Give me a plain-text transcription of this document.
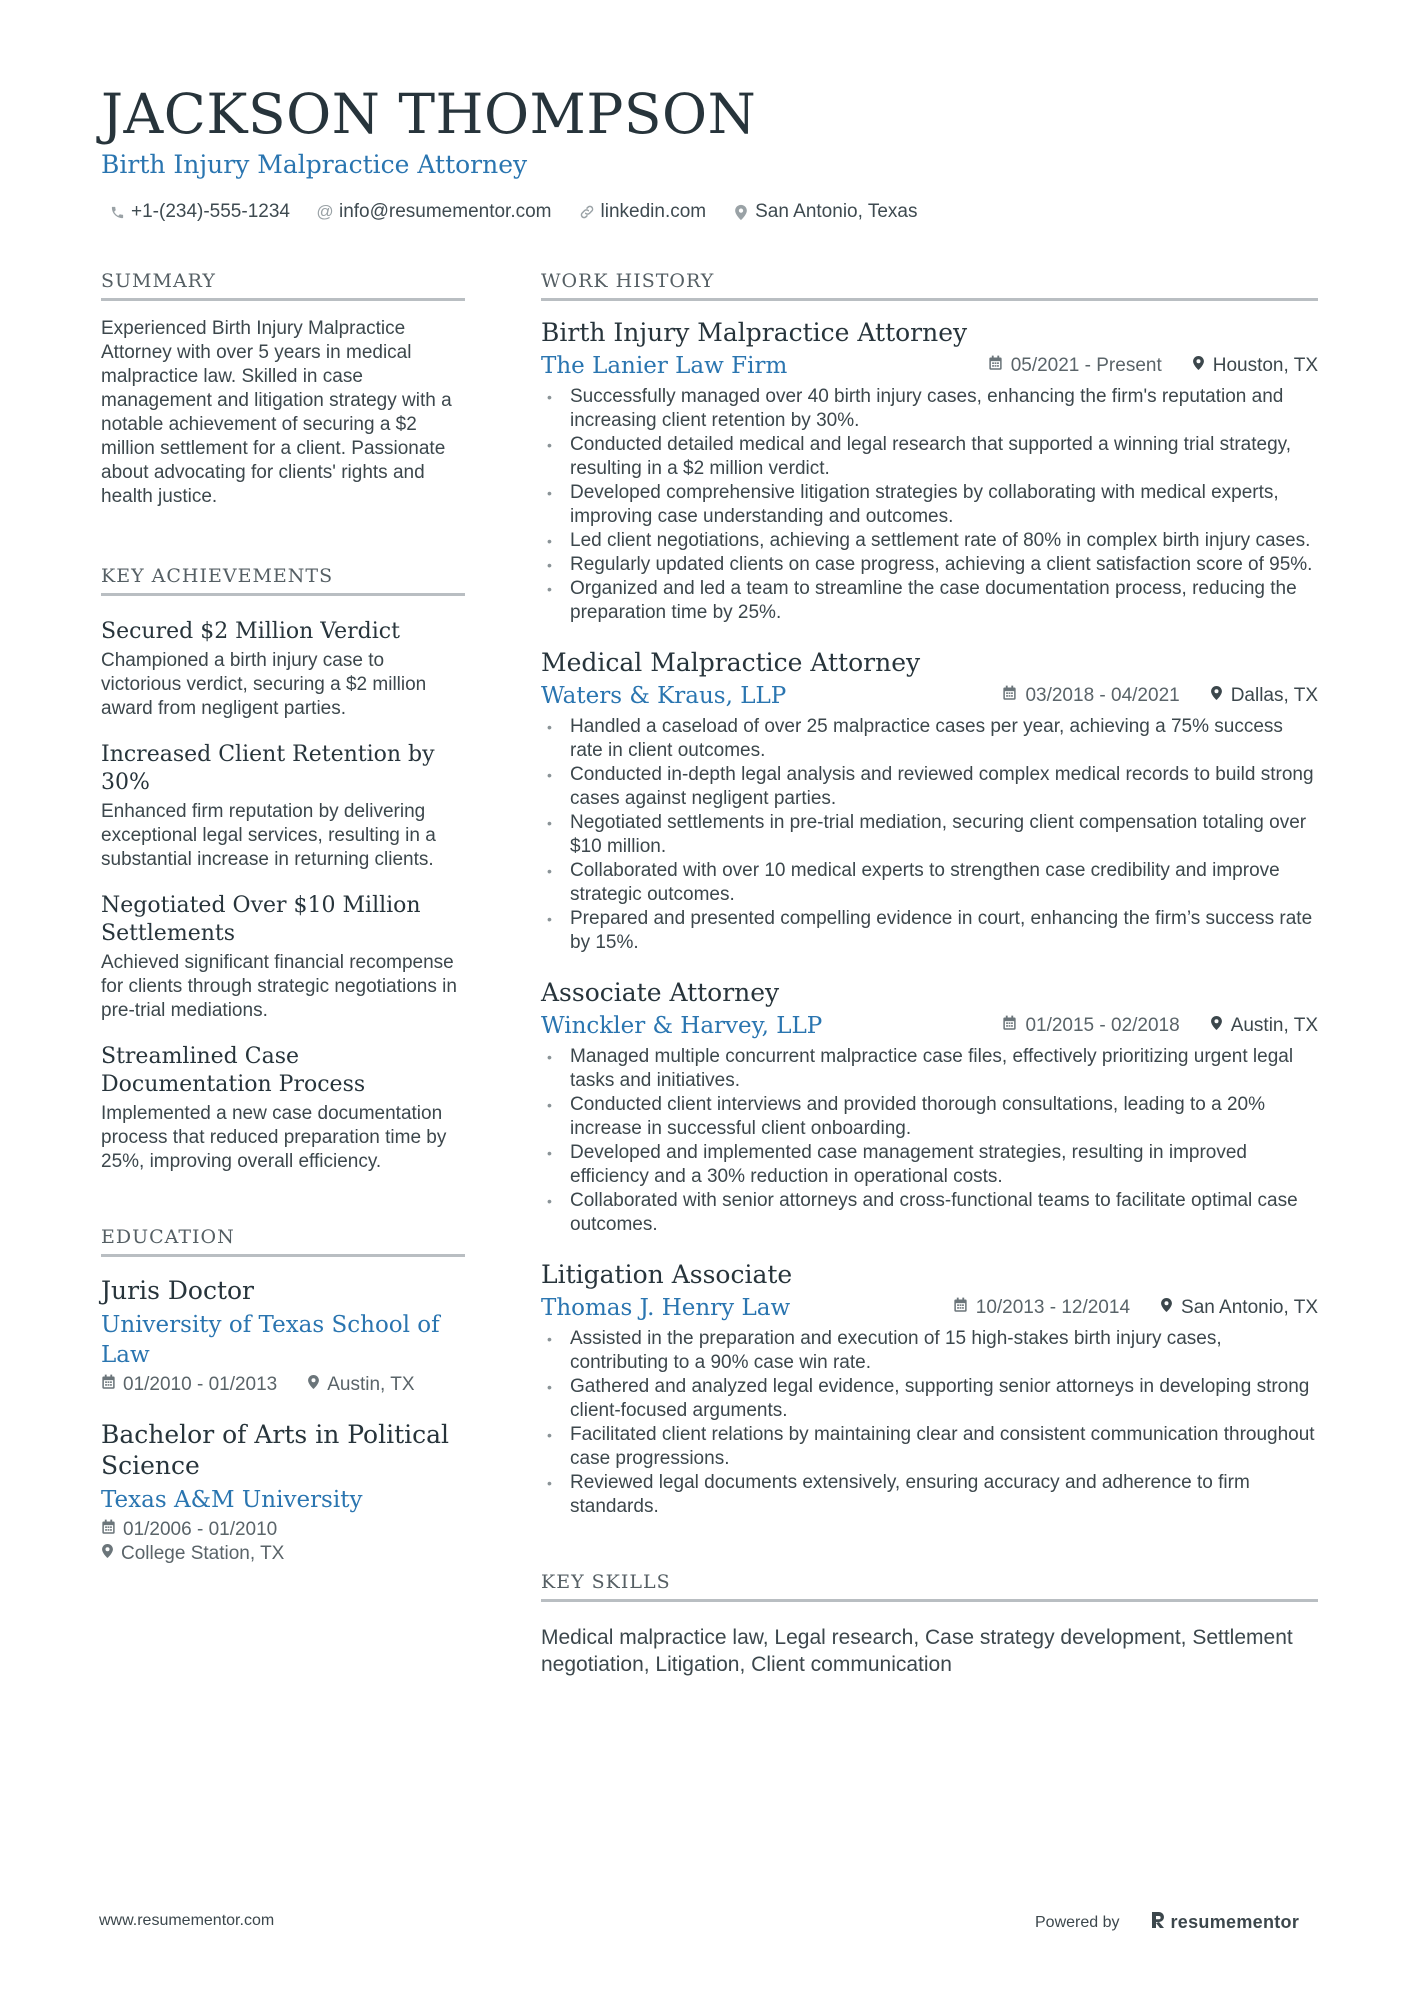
JACKSON THOMPSON
Birth Injury Malpractice Attorney
+1-(234)-555-1234 @ info@resumementor.com	linkedin.com	San Antonio, Texas
SUMMARY
Experienced Birth Injury Malpractice Attorney with over 5 years in medical malpractice law. Skilled in case management and litigation strategy with a notable achievement of securing a $2 million settlement for a client. Passionate about advocating for clients' rights and health justice.
KEY ACHIEVEMENTS
Secured $2 Million Verdict
Championed a birth injury case to victorious verdict, securing a $2 million award from negligent parties.
Increased Client Retention by 30%
Enhanced firm reputation by delivering exceptional legal services, resulting in a substantial increase in returning clients.
Negotiated Over $10 Million Settlements
Achieved significant financial recompense for clients through strategic negotiations in pre-trial mediations.
Streamlined Case Documentation Process
Implemented a new case documentation process that reduced preparation time by 25%, improving overall efficiency.
EDUCATION
Juris Doctor
University of Texas School of Law
01/2010 - 01/2013	Austin, TX
Bachelor of Arts in Political Science
Texas A&M University
01/2006 - 01/2010
College Station, TX
WORK HISTORY
Birth Injury Malpractice Attorney
The Lanier Law Firm	05/2021 - Present	Houston, TX
• Successfully managed over 40 birth injury cases, enhancing the firm's reputation and increasing client retention by 30%.
• Conducted detailed medical and legal research that supported a winning trial strategy, resulting in a $2 million verdict.
• Developed comprehensive litigation strategies by collaborating with medical experts, improving case understanding and outcomes.
• Led client negotiations, achieving a settlement rate of 80% in complex birth injury cases.
• Regularly updated clients on case progress, achieving a client satisfaction score of 95%.
• Organized and led a team to streamline the case documentation process, reducing the preparation time by 25%.
Medical Malpractice Attorney
Waters & Kraus, LLP	03/2018 - 04/2021	Dallas, TX
• Handled a caseload of over 25 malpractice cases per year, achieving a 75% success rate in client outcomes.
• Conducted in-depth legal analysis and reviewed complex medical records to build strong cases against negligent parties.
• Negotiated settlements in pre-trial mediation, securing client compensation totaling over $10 million.
• Collaborated with over 10 medical experts to strengthen case credibility and improve strategic outcomes.
• Prepared and presented compelling evidence in court, enhancing the firm’s success rate by 15%.
Associate Attorney
Winckler & Harvey, LLP	01/2015 - 02/2018	Austin, TX
• Managed multiple concurrent malpractice case files, effectively prioritizing urgent legal tasks and initiatives.
• Conducted client interviews and provided thorough consultations, leading to a 20% increase in successful client onboarding.
• Developed and implemented case management strategies, resulting in improved efficiency and a 30% reduction in operational costs.
• Collaborated with senior attorneys and cross-functional teams to facilitate optimal case outcomes.
Litigation Associate
Thomas J. Henry Law	10/2013 - 12/2014	San Antonio, TX
• Assisted in the preparation and execution of 15 high-stakes birth injury cases, contributing to a 90% case win rate.
• Gathered and analyzed legal evidence, supporting senior attorneys in developing strong client-focused arguments.
• Facilitated client relations by maintaining clear and consistent communication throughout case progressions.
• Reviewed legal documents extensively, ensuring accuracy and adherence to firm standards.
KEY SKILLS
Medical malpractice law, Legal research, Case strategy development, Settlement negotiation, Litigation, Client communication
www.resumementor.com	Powered by	resumementor
